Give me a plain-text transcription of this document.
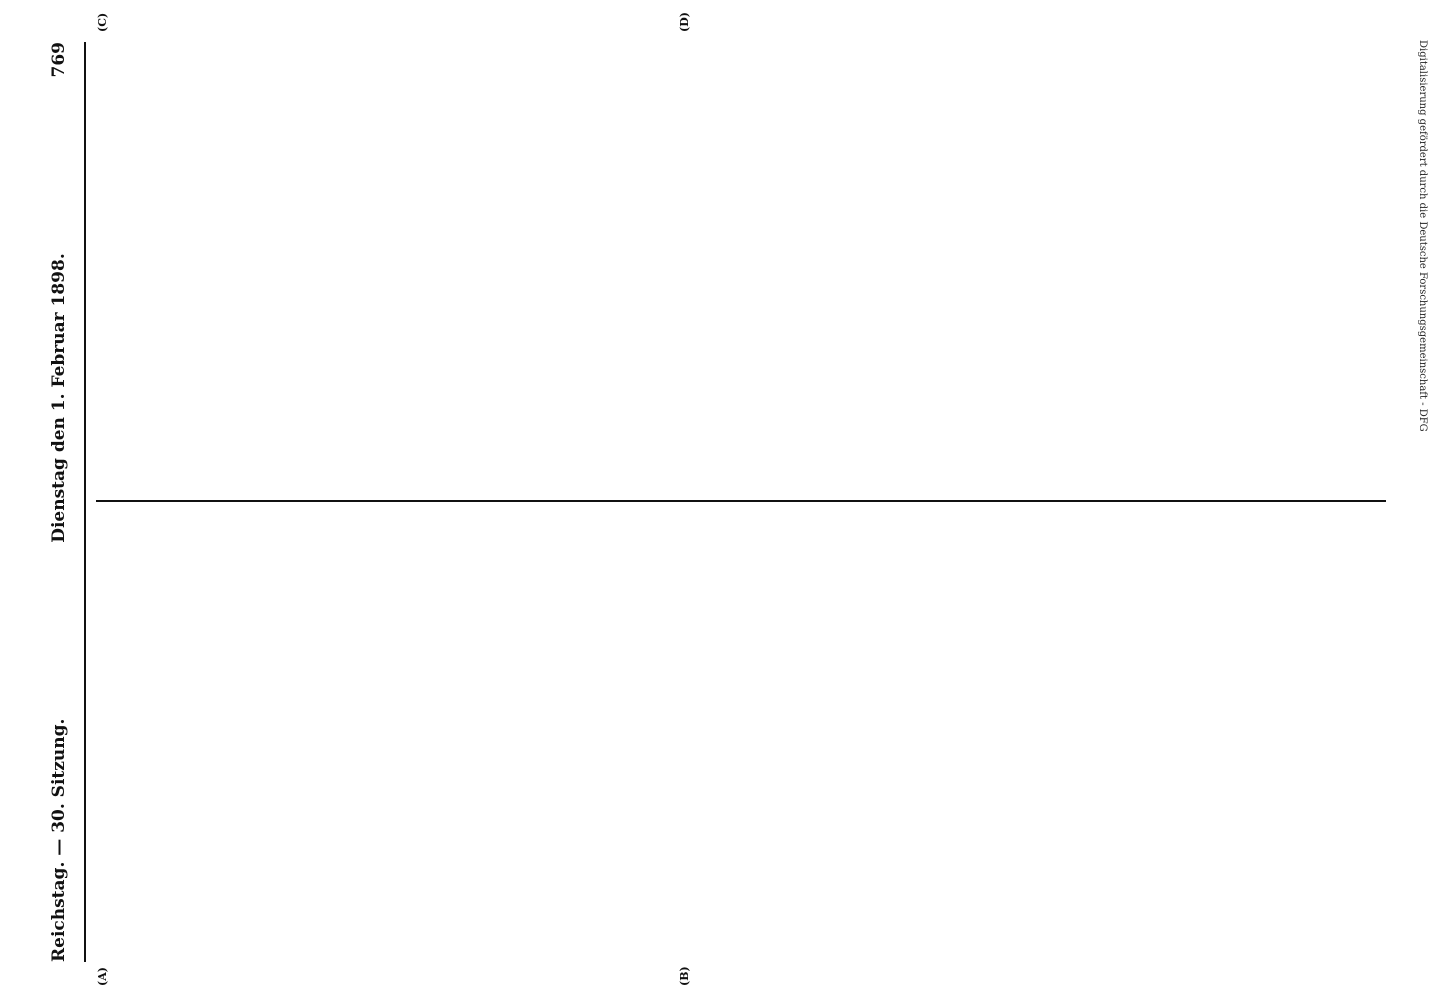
Reichstag. — 30. Sitzung.
Dienstag den 1. Februar 1898.
769
(A)	(B)
(C)	(D)
Digitalisierung gefördert durch die Deutsche Forschungsgemeinschaft - DFG
